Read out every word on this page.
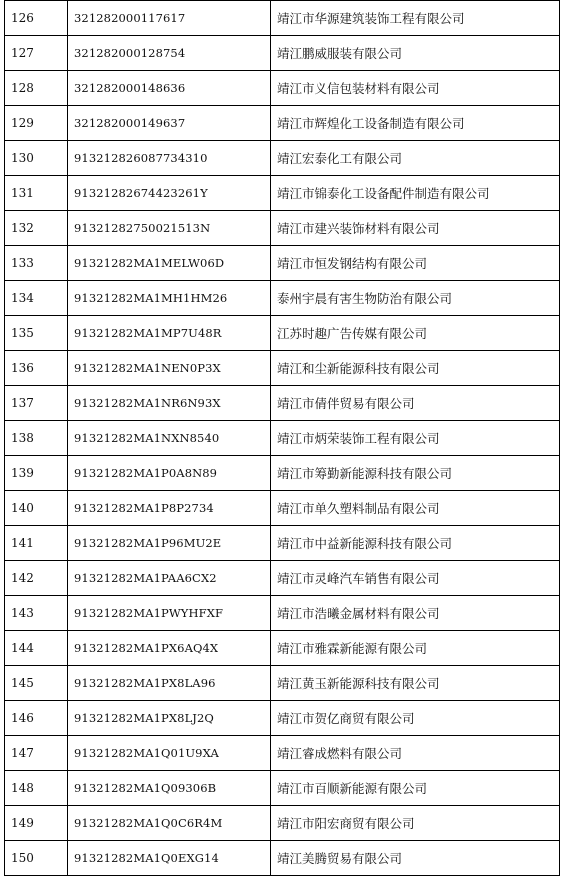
126	321282000117617	靖江市华源建筑装饰工程有限公司
127	321282000128754	靖江鹏威服装有限公司
128	321282000148636	靖江市义信包装材料有限公司
129	321282000149637	靖江市辉煌化工设备制造有限公司
130	913212826087734310	靖江宏泰化工有限公司
131	91321282674423261Y	靖江市锦泰化工设备配件制造有限公司
132	91321282750021513N	靖江市建兴装饰材料有限公司
133	91321282MA1MELW06D	靖江市恒发钢结构有限公司
134	91321282MA1MH1HM26	泰州宇晨有害生物防治有限公司
135	91321282MA1MP7U48R	江苏时趣广告传媒有限公司
136	91321282MA1NEN0P3X	靖江和尘新能源科技有限公司
137	91321282MA1NR6N93X	靖江市倩伴贸易有限公司
138	91321282MA1NXN8540	靖江市炳荣装饰工程有限公司
139	91321282MA1P0A8N89	靖江市筹勤新能源科技有限公司
140	91321282MA1P8P2734	靖江市单久塑料制品有限公司
141	91321282MA1P96MU2E	靖江市中益新能源科技有限公司
142	91321282MA1PAA6CX2	靖江市灵峰汽车销售有限公司
143	91321282MA1PWYHFXF	靖江市浩曦金属材料有限公司
144	91321282MA1PX6AQ4X	靖江市雅霖新能源有限公司
145	91321282MA1PX8LA96	靖江黄玉新能源科技有限公司
146	91321282MA1PX8LJ2Q	靖江市贺亿商贸有限公司
147	91321282MA1Q01U9XA	靖江睿成燃料有限公司
148	91321282MA1Q09306B	靖江市百顺新能源有限公司
149	91321282MA1Q0C6R4M	靖江市阳宏商贸有限公司
150	91321282MA1Q0EXG14	靖江美腾贸易有限公司
